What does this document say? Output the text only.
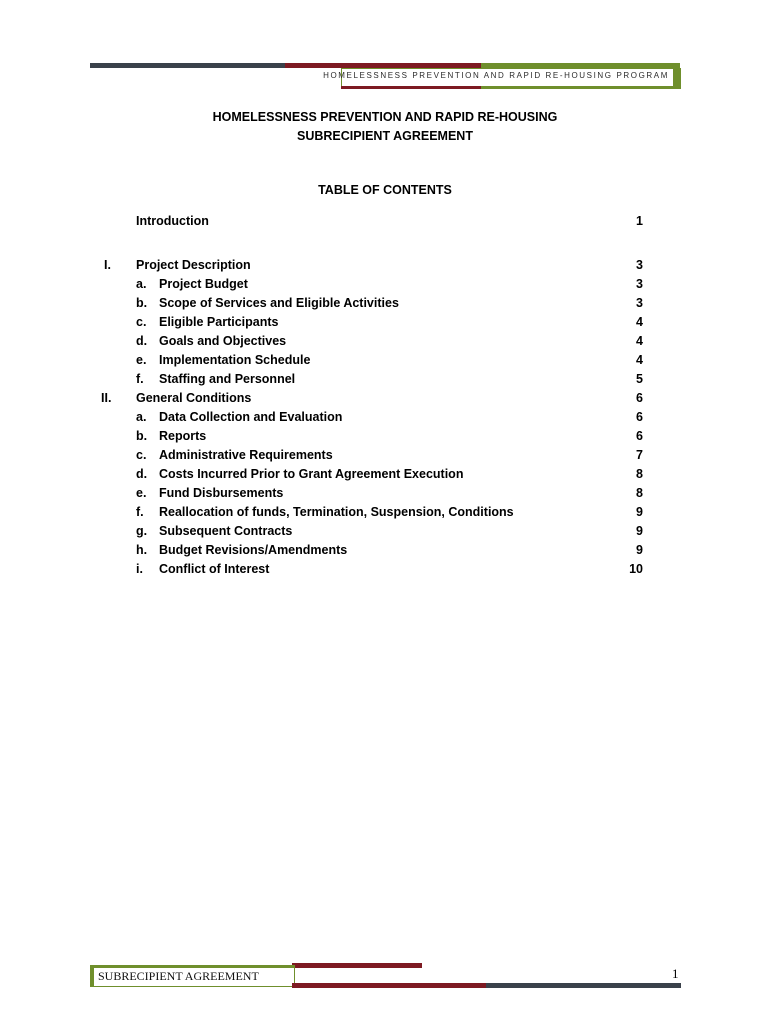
HOMELESSNESS PREVENTION AND RAPID RE-HOUSING PROGRAM
HOMELESSNESS PREVENTION AND RAPID RE-HOUSING
SUBRECIPIENT AGREEMENT
TABLE OF CONTENTS
Introduction	1
I. Project Description	3
a. Project Budget	3
b. Scope of Services and Eligible Activities	3
c. Eligible Participants	4
d. Goals and Objectives	4
e. Implementation Schedule	4
f. Staffing and Personnel	5
II. General Conditions	6
a. Data Collection and Evaluation	6
b. Reports	6
c. Administrative Requirements	7
d. Costs Incurred Prior to Grant Agreement Execution	8
e. Fund Disbursements	8
f. Reallocation of funds, Termination, Suspension, Conditions	9
g. Subsequent Contracts	9
h. Budget Revisions/Amendments	9
i. Conflict of Interest	10
SUBRECIPIENT AGREEMENT	1
